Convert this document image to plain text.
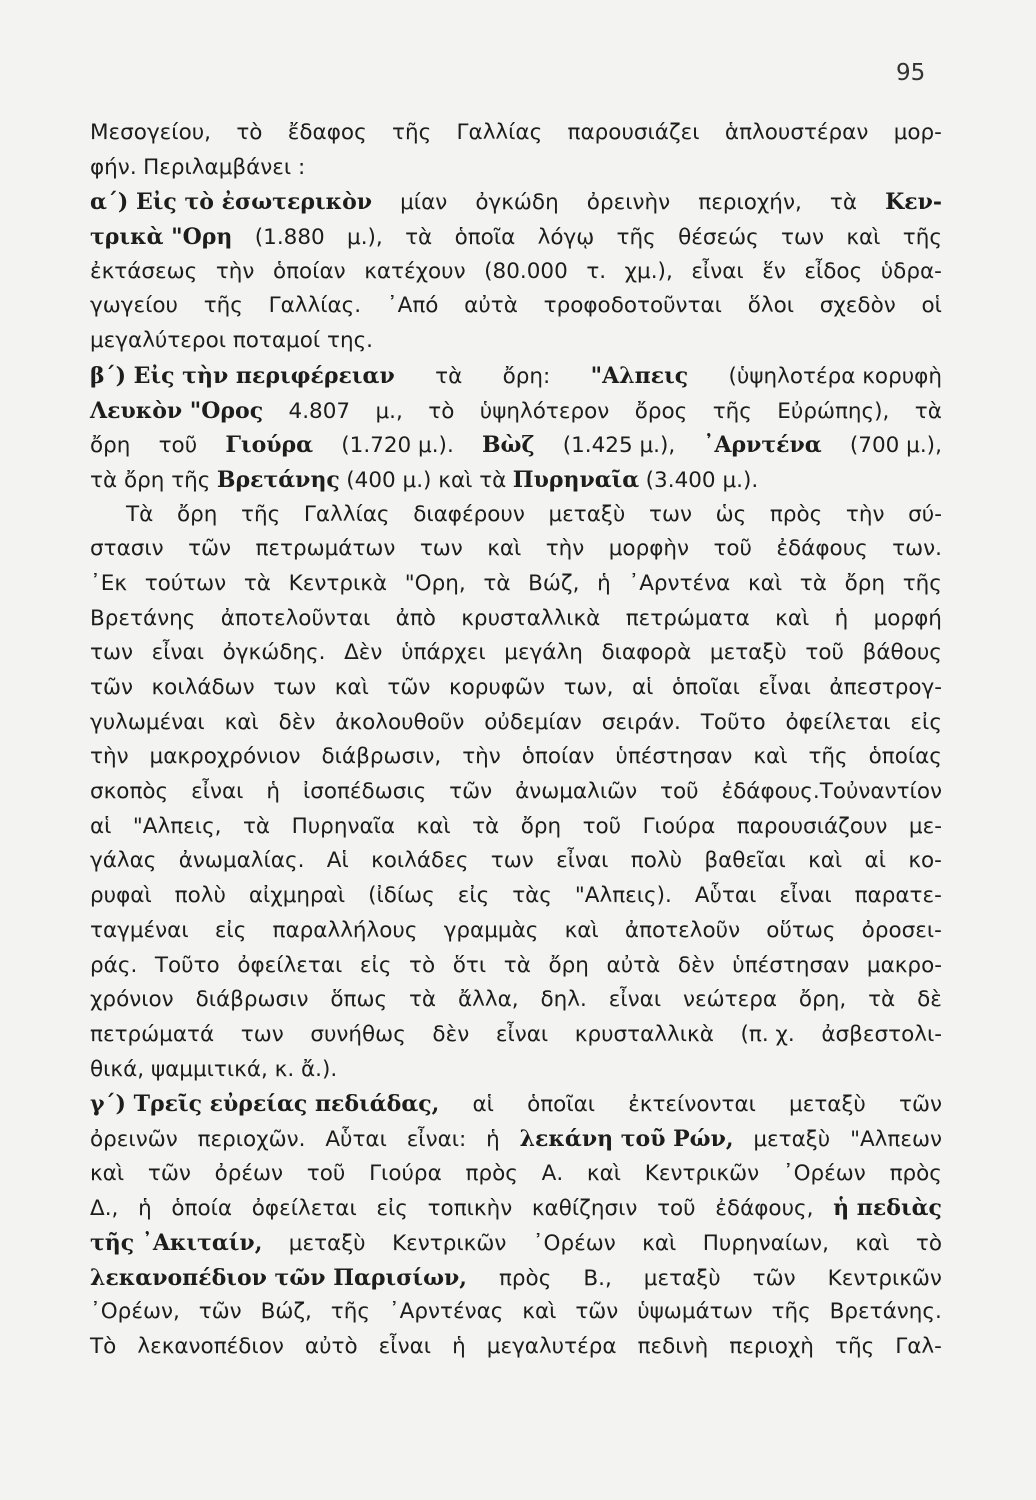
95
Μεσογείου, τὸ ἔδαφος τῆς Γαλλίας παρουσιάζει ἁπλουστέραν μορ-
φήν. Περιλαμβάνει :
α΄) Εἰς τὸ ἐσωτερικὸν μίαν ὀγκώδη ὀρεινὴν περιοχήν, τὰ Κεν-
τρικὰ "Ορη (1.880 μ.), τὰ ὁποῖα λόγῳ τῆς θέσεώς των καὶ τῆς
ἐκτάσεως τὴν ὁποίαν κατέχουν (80.000 τ. χμ.), εἶναι ἕν εἶδος ὑδρα-
γωγείου τῆς Γαλλίας. ᾿Από αὐτὰ τροφοδοτοῦνται ὅλοι σχεδὸν οἱ
μεγαλύτεροι ποταμοί της.
β΄) Εἰς τὴν περιφέρειαν τὰ ὄρη: "Αλπεις (ὑψηλοτέρα κορυφὴ
Λευκὸν "Ορος 4.807 μ., τὸ ὑψηλότερον ὄρος τῆς Εὐρώπης), τὰ
ὄρη τοῦ Γιούρα (1.720 μ.). Βὼζ (1.425 μ.), ᾿Αρντένα (700 μ.),
τὰ ὄρη τῆς Βρετάνης (400 μ.) καὶ τὰ Πυρηναῖα (3.400 μ.).
Τὰ ὄρη τῆς Γαλλίας διαφέρουν μεταξὺ των ὡς πρὸς τὴν σύ-
στασιν τῶν πετρωμάτων των καὶ τὴν μορφὴν τοῦ ἐδάφους των.
᾿Εκ τούτων τὰ Κεντρικὰ "Ορη, τὰ Βώζ, ἡ ᾿Αρντένα καὶ τὰ ὄρη τῆς
Βρετάνης ἀποτελοῦνται ἀπὸ κρυσταλλικὰ πετρώματα καὶ ἡ μορφή
των εἶναι ὀγκώδης. Δὲν ὑπάρχει μεγάλη διαφορὰ μεταξὺ τοῦ βάθους
τῶν κοιλάδων των καὶ τῶν κορυφῶν των, αἱ ὁποῖαι εἶναι ἀπεστρογ-
γυλωμέναι καὶ δὲν ἀκολουθοῦν οὐδεμίαν σειράν. Τοῦτο ὀφείλεται εἰς
τὴν μακροχρόνιον διάβρωσιν, τὴν ὁποίαν ὑπέστησαν καὶ τῆς ὁποίας
σκοπὸς εἶναι ἡ ἰσοπέδωσις τῶν ἀνωμαλιῶν τοῦ ἐδάφους.Τοὐναντίον
αἱ "Αλπεις, τὰ Πυρηναῖα καὶ τὰ ὄρη τοῦ Γιούρα παρουσιάζουν με-
γάλας ἀνωμαλίας. Αἱ κοιλάδες των εἶναι πολὺ βαθεῖαι καὶ αἱ κο-
ρυφαὶ πολὺ αἰχμηραὶ (ἰδίως εἰς τὰς "Αλπεις). Αὗται εἶναι παρατε-
ταγμέναι εἰς παραλλήλους γραμμὰς καὶ ἀποτελοῦν οὕτως ὀροσει-
ράς. Τοῦτο ὀφείλεται εἰς τὸ ὅτι τὰ ὄρη αὐτὰ δὲν ὑπέστησαν μακρο-
χρόνιον διάβρωσιν ὅπως τὰ ἄλλα, δηλ. εἶναι νεώτερα ὄρη, τὰ δὲ
πετρώματά των συνήθως δὲν εἶναι κρυσταλλικὰ (π. χ. ἀσβεστολι-
θικά, ψαμμιτικά, κ. ἄ.).
γ΄) Τρεῖς εὐρείας πεδιάδας, αἱ ὁποῖαι ἐκτείνονται μεταξὺ τῶν
ὀρεινῶν περιοχῶν. Αὗται εἶναι: ἡ λεκάνη τοῦ Ρών, μεταξὺ "Αλπεων
καὶ τῶν ὀρέων τοῦ Γιούρα πρὸς Α. καὶ Κεντρικῶν ᾿Ορέων πρὸς
Δ., ἡ ὁποία ὀφείλεται εἰς τοπικὴν καθίζησιν τοῦ ἐδάφους, ἡ πεδιὰς
τῆς ᾿Ακιταίν, μεταξὺ Κεντρικῶν ᾿Ορέων καὶ Πυρηναίων, καὶ τὸ
λεκανοπέδιον τῶν Παρισίων, πρὸς Β., μεταξὺ τῶν Κεντρικῶν
᾿Ορέων, τῶν Βώζ, τῆς ᾿Αρντένας καὶ τῶν ὑψωμάτων τῆς Βρετάνης.
Τὸ λεκανοπέδιον αὐτὸ εἶναι ἡ μεγαλυτέρα πεδινὴ περιοχὴ τῆς Γαλ-
